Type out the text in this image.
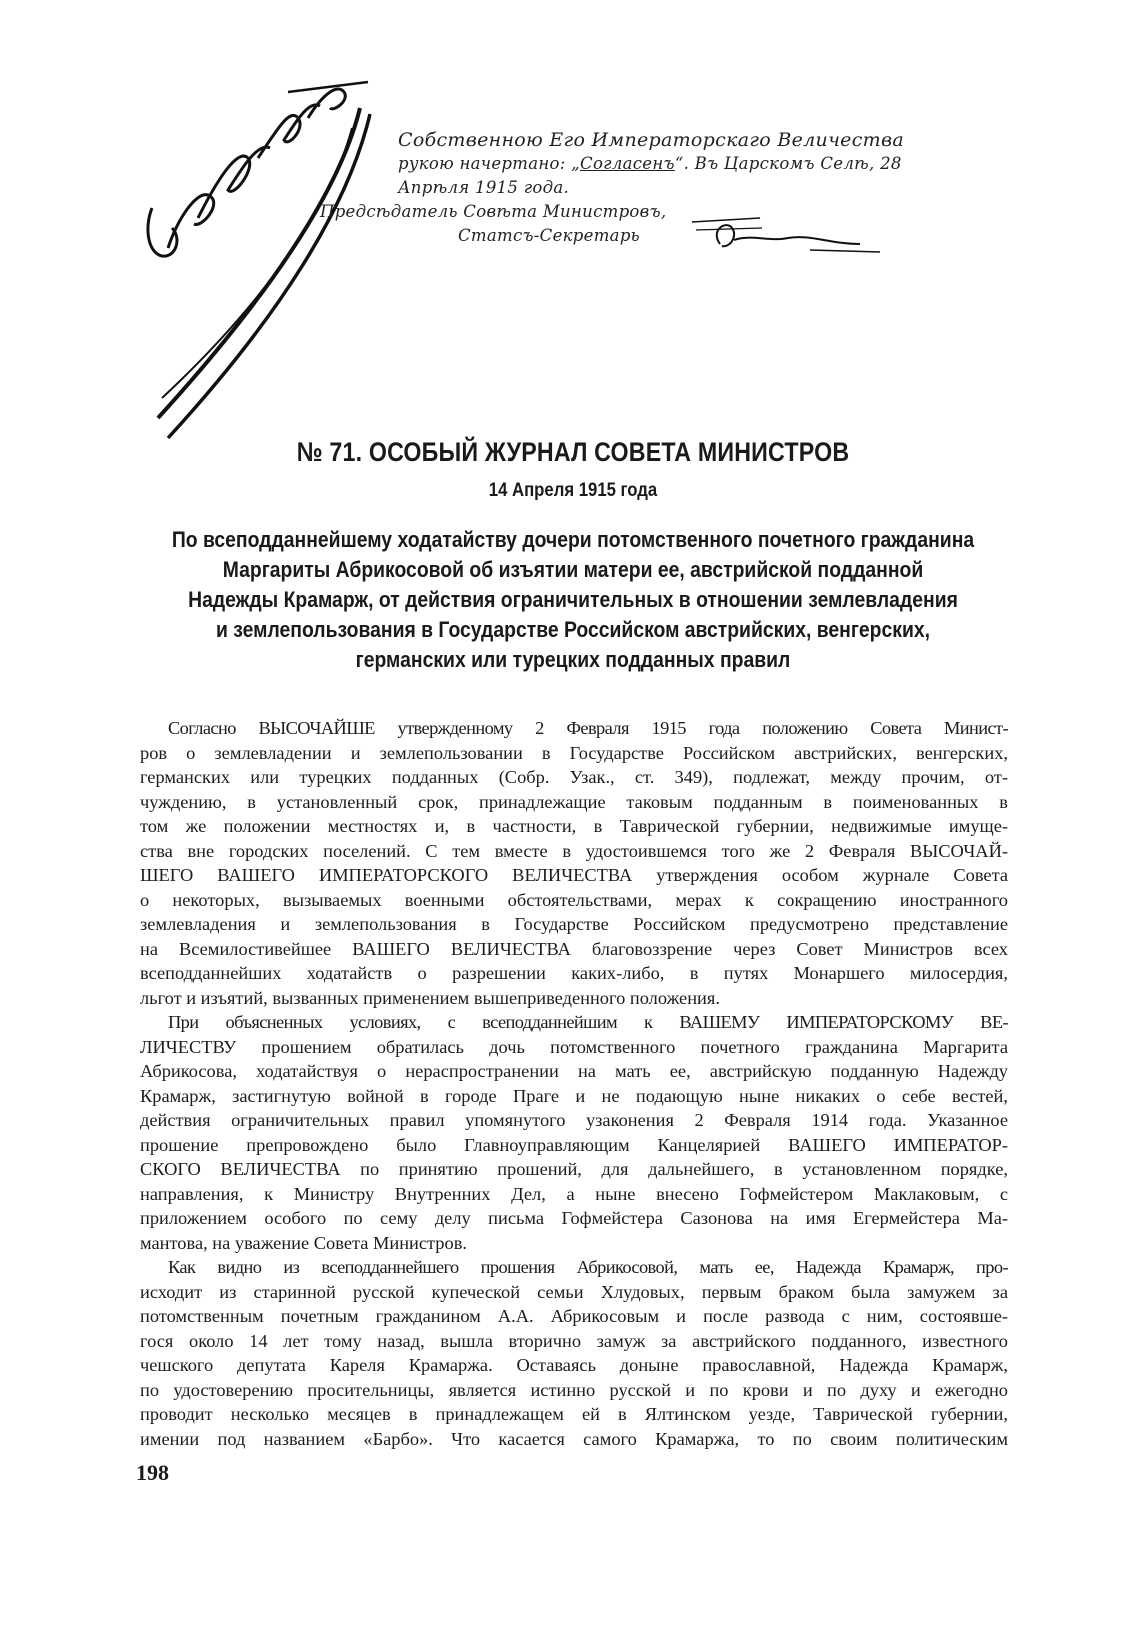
Собственною Его Императорскаго Величества
рукою начертано: „Согласенъ“. Въ Царскомъ Селѣ, 28
Апрѣля 1915 года.
Предсѣдатель Совѣта Министровъ,
Статсъ-Секретарь
№ 71. ОСОБЫЙ ЖУРНАЛ СОВЕТА МИНИСТРОВ
14 Апреля 1915 года
По всеподданнейшему ходатайству дочери потомственного почетного гражданина
Маргариты Абрикосовой об изъятии матери ее, австрийской подданной
Надежды Крамарж, от действия ограничительных в отношении землевладения
и землепользования в Государстве Российском австрийских, венгерских,
германских или турецких подданных правил
Согласно ВЫСОЧАЙШЕ утвержденному 2 Февраля 1915 года положению Совета Минист-
ров о землевладении и землепользовании в Государстве Российском австрийских, венгерских,
германских или турецких подданных (Собр. Узак., ст. 349), подлежат, между прочим, от-
чуждению, в установленный срок, принадлежащие таковым подданным в поименованных в
том же положении местностях и, в частности, в Таврической губернии, недвижимые имуще-
ства вне городских поселений. С тем вместе в удостоившемся того же 2 Февраля ВЫСОЧАЙ-
ШЕГО ВАШЕГО ИМПЕРАТОРСКОГО ВЕЛИЧЕСТВА утверждения особом журнале Совета
о некоторых, вызываемых военными обстоятельствами, мерах к сокращению иностранного
землевладения и землепользования в Государстве Российском предусмотрено представление
на Всемилостивейшее ВАШЕГО ВЕЛИЧЕСТВА благовоззрение через Совет Министров всех
всеподданнейших ходатайств о разрешении каких-либо, в путях Монаршего милосердия,
льгот и изъятий, вызванных применением вышеприведенного положения.
При объясненных условиях, с всеподданнейшим к ВАШЕМУ ИМПЕРАТОРСКОМУ ВЕ-
ЛИЧЕСТВУ прошением обратилась дочь потомственного почетного гражданина Маргарита
Абрикосова, ходатайствуя о нераспространении на мать ее, австрийскую подданную Надежду
Крамарж, застигнутую войной в городе Праге и не подающую ныне никаких о себе вестей,
действия ограничительных правил упомянутого узаконения 2 Февраля 1914 года. Указанное
прошение препровождено было Главноуправляющим Канцелярией ВАШЕГО ИМПЕРАТОР-
СКОГО ВЕЛИЧЕСТВА по принятию прошений, для дальнейшего, в установленном порядке,
направления, к Министру Внутренних Дел, а ныне внесено Гофмейстером Маклаковым, с
приложением особого по сему делу письма Гофмейстера Сазонова на имя Егермейстера Ма-
мантова, на уважение Совета Министров.
Как видно из всеподданнейшего прошения Абрикосовой, мать ее, Надежда Крамарж, про-
исходит из старинной русской купеческой семьи Хлудовых, первым браком была замужем за
потомственным почетным гражданином А.А. Абрикосовым и после развода с ним, состоявше-
гося около 14 лет тому назад, вышла вторично замуж за австрийского подданного, известного
чешского депутата Кареля Крамаржа. Оставаясь доныне православной, Надежда Крамарж,
по удостоверению просительницы, является истинно русской и по крови и по духу и ежегодно
проводит несколько месяцев в принадлежащем ей в Ялтинском уезде, Таврической губернии,
имении под названием «Барбо». Что касается самого Крамаржа, то по своим политическим
198
